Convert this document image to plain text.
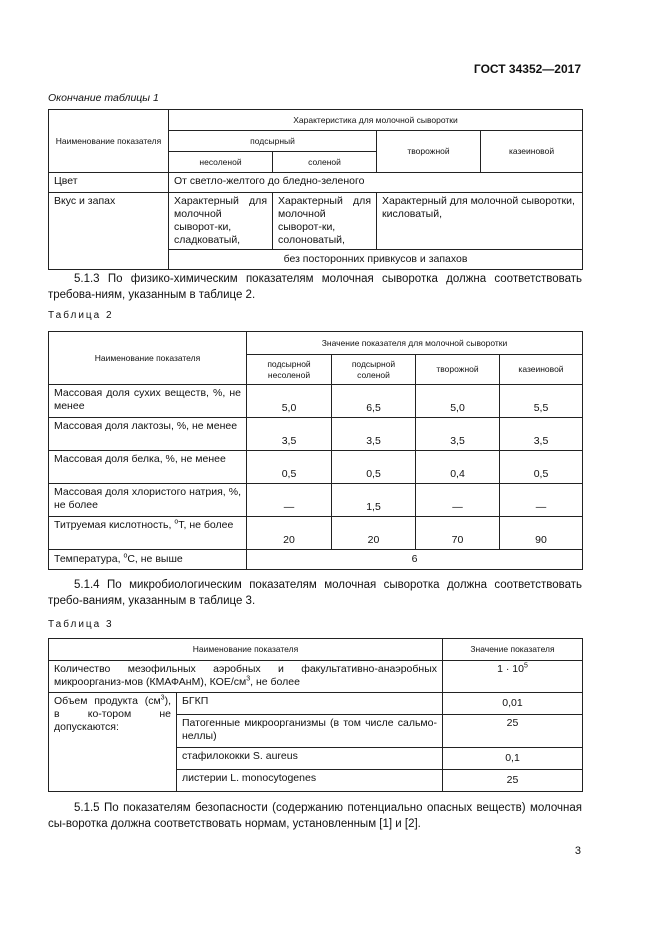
ГОСТ 34352—2017
Окончание таблицы 1
Наименование показателя	Характеристика для молочной сыворотки			
	подсырный		творожной	казеиновой
	несоленой	соленой		
Цвет	От светло-желтого до бледно-зеленого			
Вкус и запах	Характерный для молочной сыворот-ки, сладковатый,	Характерный для молочной сыворот-ки, солоноватый,	Характерный для молочной сыворотки, кисловатый,	
	без посторонних привкусов и запахов			
5.1.3 По физико-химическим показателям молочная сыворотка должна соответствовать требова-ниям, указанным в таблице 2.
Таблица 2
Наименование показателя	Значение показателя для молочной сыворотки			
	подсырной несоленой	подсырной соленой	творожной	казеиновой
Массовая доля сухих веществ, %, не менее	5,0	6,5	5,0	5,5
Массовая доля лактозы, %, не менее	3,5	3,5	3,5	3,5
Массовая доля белка, %, не менее	0,5	0,5	0,4	0,5
Массовая доля хлористого натрия, %, не более	—	1,5	—	—
Титруемая кислотность, $^о$Т, не более	20	20	70	90
Температура, $^о$С, не выше	6			
5.1.4 По микробиологическим показателям молочная сыворотка должна соответствовать требо-ваниям, указанным в таблице 3.
Таблица 3
Наименование показателя		Значение показателя
Количество мезофильных аэробных и факультативно-анаэробных микроорганиз-мов (КМАФАнМ), КОЕ/$см^3$, не более		$1 \cdot 10^5$
Объем продукта $(см^3)$, в ко-тором не допускаются:	БГКП	0,01
	Патогенные микроорганизмы (в том числе сальмо-неллы)	25
	стафилококки S. aureus	0,1
	листерии L. monocytogenes	25
5.1.5 По показателям безопасности (содержанию потенциально опасных веществ) молочная сы-воротка должна соответствовать нормам, установленным [1] и [2].
3
